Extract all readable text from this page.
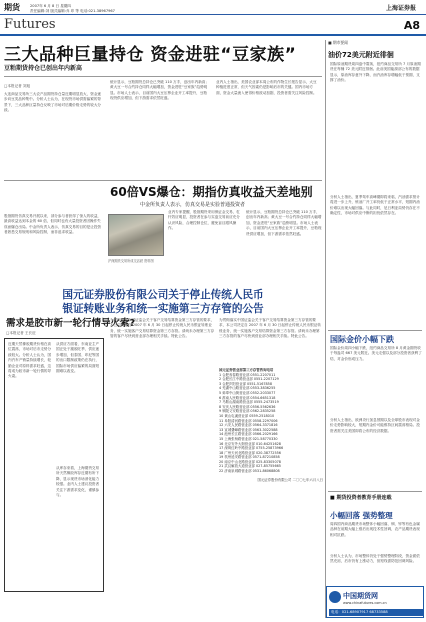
期货	2007年 6 月 8 日 星期四
责任编辑:刘 版式编辑:乔 印 等 电话:021-38967967	上海证券报
Futures	A8
三大品种巨量持仓 资金进驻“豆家族”
豆粕期货持仓已创出年内新高
□本报记者 刘旭
大连商品交易所三大农产品期货持仓量近期明显放大，资金逐步向豆类品种集中。分析人士认为，在现货市场供需偏紧的背景下，三大品种巨量持仓反映了市场对后期价格走势的较大分歧。
统计显示，豆粕期货总持仓已突破 110 万手，创出年内新高；黄大豆一号合约持仓同样大幅增加，资金进驻“豆家族”趋势明显。市场人士表示，目前国内大豆压榨企业开工率提升，豆粕现货供应增加，但下游需求依然旺盛。
业内人士指出，美国农业部本周公布的作物生长报告显示，大豆种植进度正常，但天气因素仍是影响后市的关键。国内市场方面，资金大量流入使得价格波动加剧，投资者需关注风险控制。
■ 期市要闻
油价72美元附近徘徊
国际原油期货周四盘中震荡，纽约商品交易所 7 月原油期货在每桶 72 美元附近徘徊。此前美国能源部公布的数据显示，原油库存意外下降，而汽油库存增幅低于预期，支撑了油价。
分析人士指出，夏季驾车高峰期即将来临，汽油需求预计将进一步上升，炼油厂开工率仍低于正常水平，短期内油价难以出现大幅回落。与此同时，尼日利亚局势仍存在不确定性，市场对供应中断的担忧依然存在。
60倍VS爆仓：期指仿真收益天差地别
中金所负责人表示，仿真交易是实验普通投资者
沪深期货交易所成交活跃 资料图
股指期货仿真交易开展以来，部分参与者获得了惊人的收益，最高收益达到本金的 60 倍，但同时也有大量投资者因操作失误而爆仓出局。中金所负责人表示，仿真交易的目的是让投资者熟悉交易规则和风险控制，而非追求收益。
业内专家提醒，股指期货采用保证金交易，杠杆效应明显，投资者在参与实盘交易前应充分认识风险，合理控制仓位，避免盲目跟风操作。
统计显示，豆粕期货总持仓已突破 110 万手，创出年内新高；黄大豆一号合约持仓同样大幅增加，资金进驻“豆家族”趋势明显。市场人士表示，目前国内大豆压榨企业开工率提升，豆粕现货供应增加，但下游需求依然旺盛。
国元证券股份有限公司关于停止传统人民币
银证转账业务和统一实施第三方存管的公告
需求是胶市新一轮行情导火索?
□本报记者 王长征
近期天然橡胶期货价格在高位震荡，市场对后市走势分歧较大。分析人士认为，国内汽车产销量持续增长，轮胎企业对原料需求旺盛，这将成为胶市新一轮行情的导火索。
从供应方面看，东南亚主产国正处于割胶旺季，供应逐步增加，但泰国、印尼等国的出口限制政策仍在执行，国际市场供应偏紧的局面短期难以改变。
从库存来看，上海期货交易所天然橡胶库存近期有所下降，显示现货市场消化能力较强。业内人士建议投资者关注下游需求变化，谨慎参与。
为贯彻落实中国证监会关于客户交易结算资金第三方存管的要求，本公司决定自 2007 年 6 月 30 日起停止传统人民币银证转账业务，统一实施客户交易结算资金第三方存管。请尚未办理第三方存管的客户尽快到营业部办理相关手续。特此公告。
为贯彻落实中国证监会关于客户交易结算资金第三方存管的要求，本公司决定自 2007 年 6 月 30 日起停止传统人民币银证转账业务，统一实施客户交易结算资金第三方存管。请尚未办理第三方存管的客户尽快到营业部办理相关手续。特此公告。
国元证券营业部第三方存管咨询电话
1 合肥寿春路营业部 0551-2207011
2 合肥长江中路营业部 0551-2207129
3 合肥庐阳营业部 0551-5167858
4 芜湖中山路营业部 0553-3836255
5 蚌埠中山街营业部 0552-2033077
6 淮南人民路营业部 0554-6651318
7 马鞍山湖南路营业部 0555-2473519
8 安庆人民路营业部 0556-5562636
9 铜陵义安路营业部 0562-2835258
10 黄山屯溪营业部 0559-2518010
11 阜阳清河路营业部 0558-2297006
12 六安人民路营业部 0564-3371816
13 宣城叠嶂路营业部 0563-3022588
14 池州长江路营业部 0566-2029166
15 上海张杨路营业部 021-58770330
16 北京安外大街营业部 010-64251628
17 深圳红岭中路营业部 0755-25873966
18 广州天河北路营业部 020-38772556
19 杭州延安路营业部 0571-87210858
20 南京中山北路营业部 025-83305078
21 武汉解放大道营业部 027-85755665
22 济南泉城路营业部 0531-86068808
国元证券股份有限公司 二〇〇七年六月八日
国际金价小幅下跌
国际金价周四小幅下跌，纽约商品交易所 8 月黄金期货收于每盎司 667 美元附近。美元走强以及部分投资者获利了结，对金价形成压力。
分析人士指出，欧洲央行加息预期以及全球股市表现对金价走势影响较大，短期内金价可能维持区间震荡格局。投资者需关注美国即将公布的经济数据。
■ 期货投资者教育手册连载
小幅回落 强势整理
周四国内商品期货市场整体小幅回落，铜、锌等有色金属品种在前期大幅上涨后出现技术性回调，农产品期货表现相对抗跌。
分析人士认为，市场整体仍处于强势整理阶段，资金面依然充裕，后市仍有上涨动力，但短线需防范回调风险。
中国期货网
www.chinafutures.com.cn
电话：021-68907917 68733588
